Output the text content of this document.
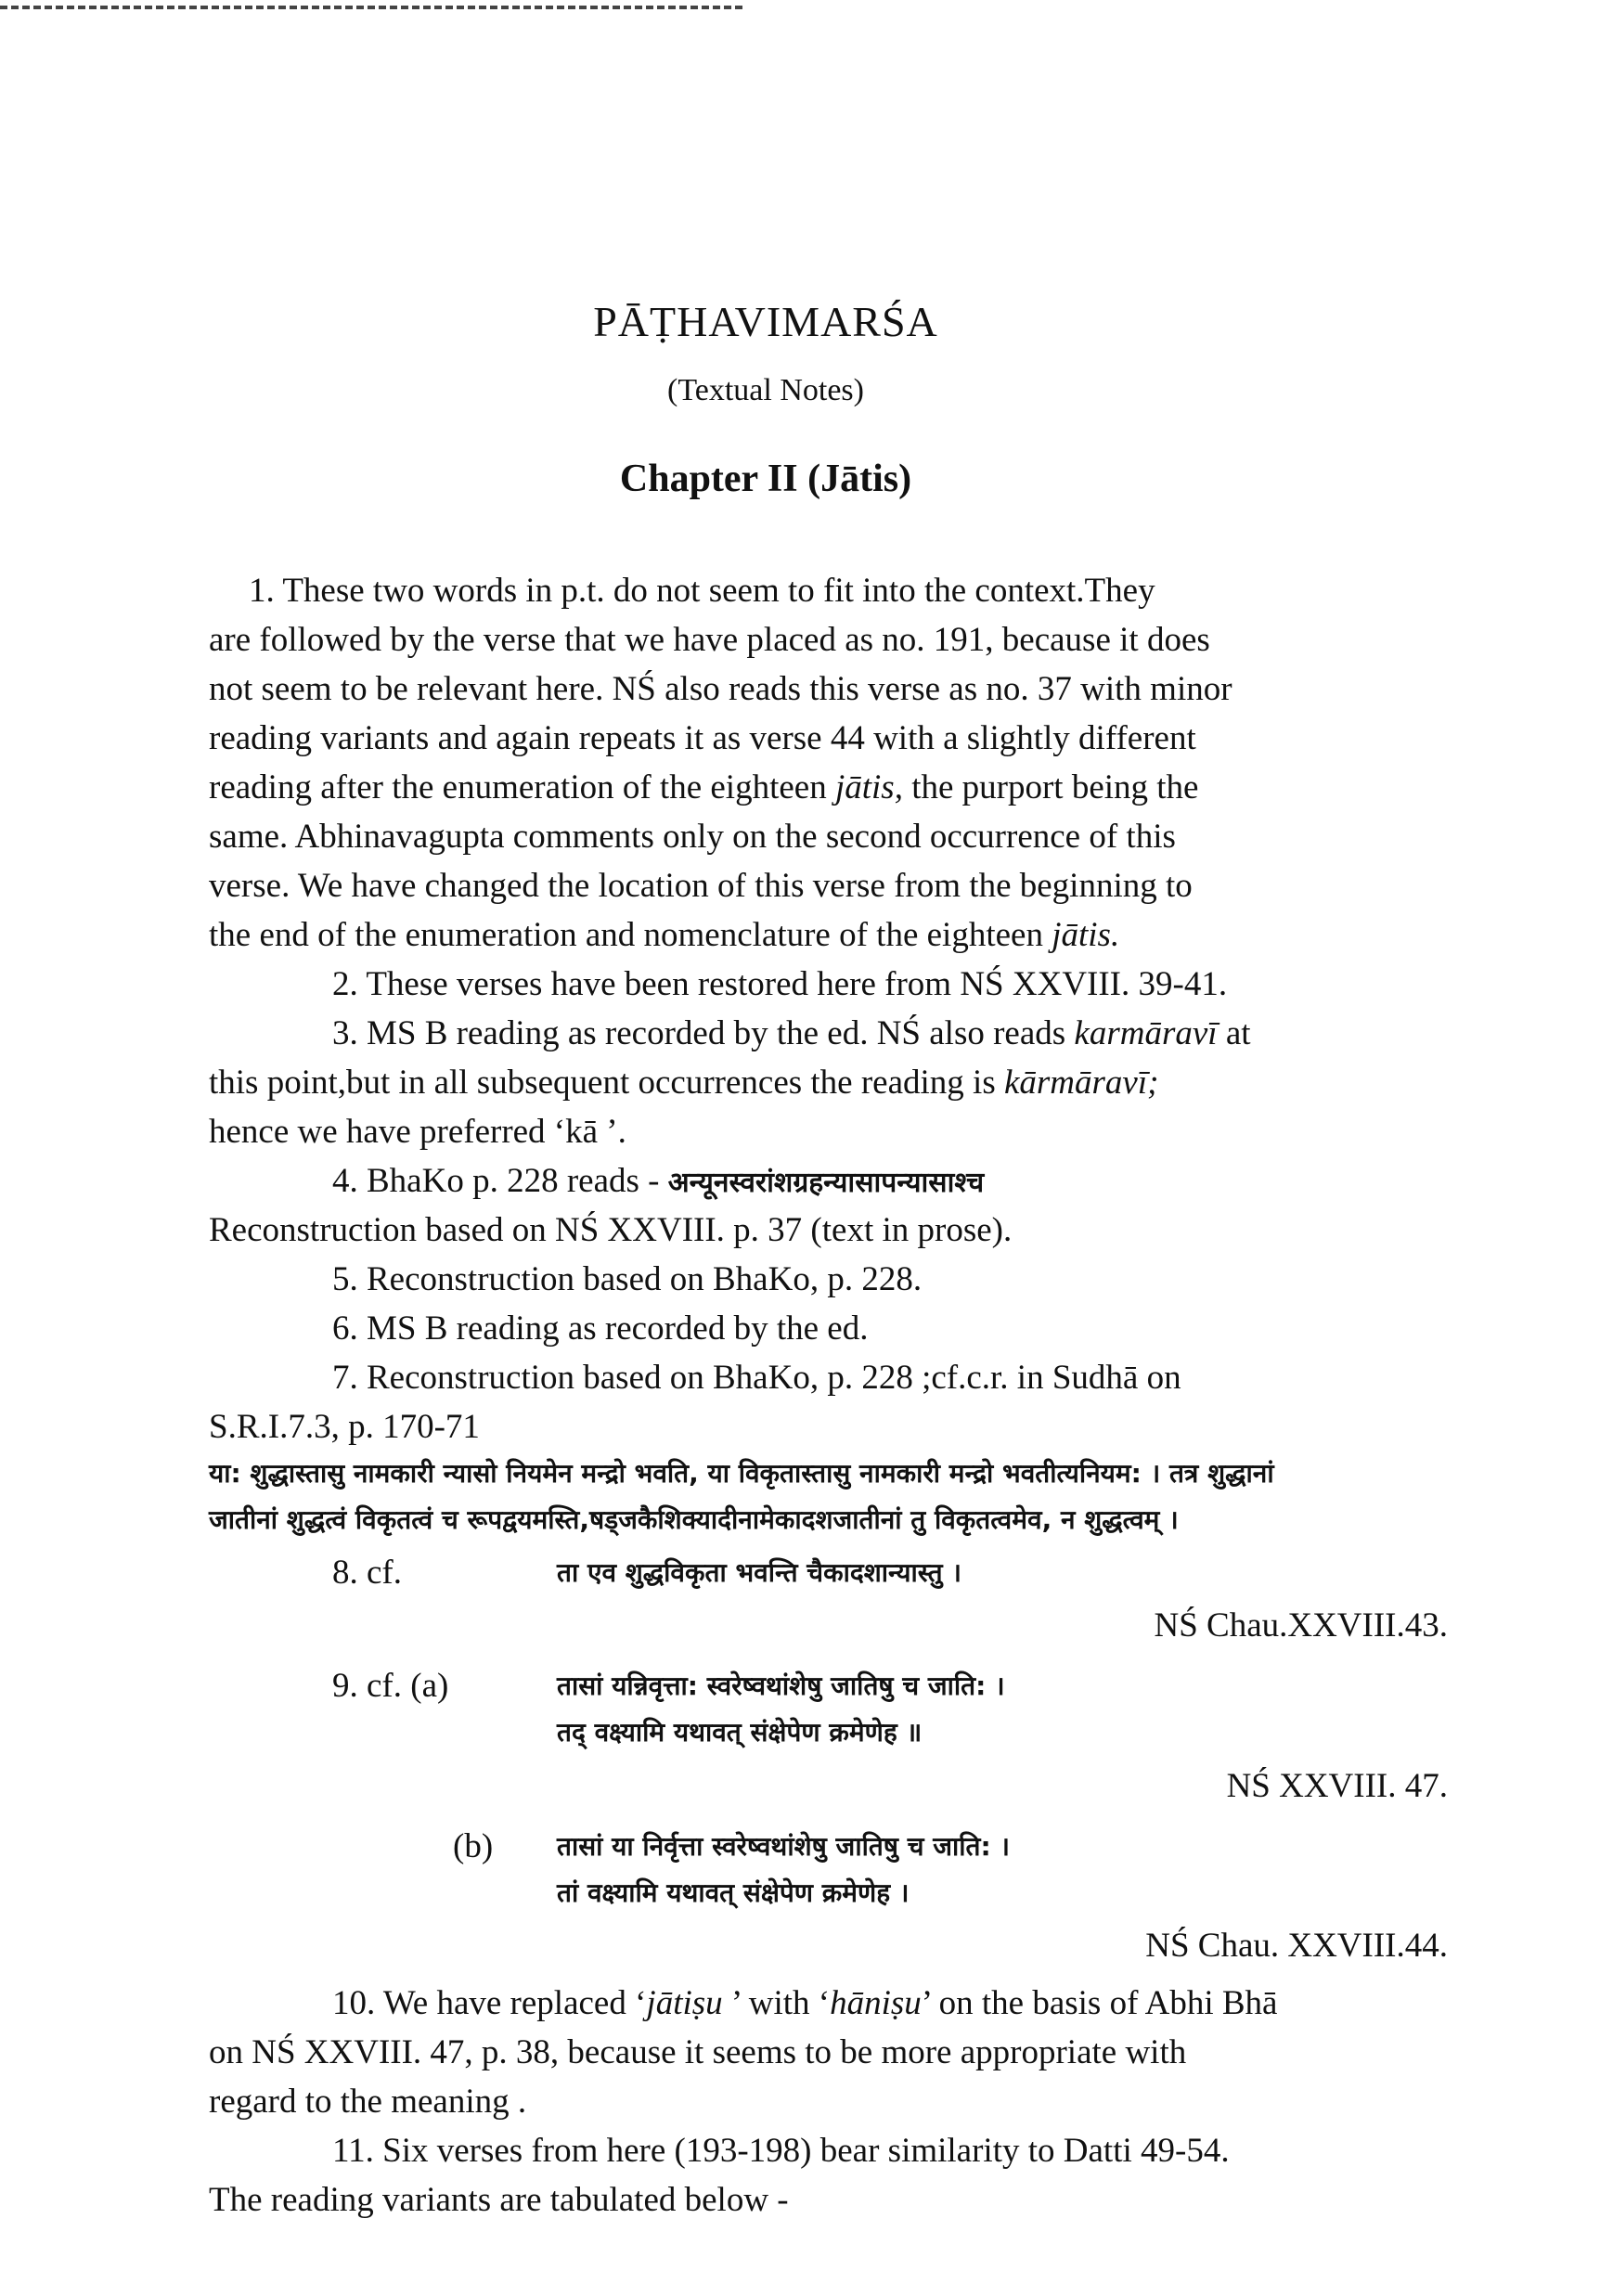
PĀṬHAVIMARŚA
(Textual Notes)
Chapter II (Jātis)
1. These two words in p.t. do not seem to fit into the context.They
are followed by the verse that we have placed as no. 191, because it does
not seem to be relevant here. NŚ also reads this verse as no. 37 with minor
reading variants and again repeats it as verse 44 with a slightly different
reading after the enumeration of the eighteen jātis, the purport being the
same. Abhinavagupta comments only on the second occurrence of this
verse. We have changed the location of this verse from the beginning to
the end of the enumeration and nomenclature of the eighteen jātis.
2. These verses have been restored here from NŚ XXVIII. 39-41.
3. MS B reading as recorded by the ed. NŚ also reads karmāravī at
this point,but in all subsequent occurrences the reading is kārmāravī;
hence we have preferred ‘kā ’.
4. BhaKo p. 228 reads - अन्यूनस्वरांशग्रहन्यासापन्यासाश्च
Reconstruction based on NŚ XXVIII. p. 37 (text in prose).
5. Reconstruction based on BhaKo, p. 228.
6. MS B reading as recorded by the ed.
7. Reconstruction based on BhaKo, p. 228 ;cf.c.r. in Sudhā on
S.R.I.7.3, p. 170-71
या: शुद्धास्तासु नामकारी न्यासो नियमेन मन्द्रो भवति, या विकृतास्तासु नामकारी मन्द्रो भवतीत्यनियम: । तत्र शुद्धानां
जातीनां शुद्धत्वं विकृतत्वं च रूपद्वयमस्ति,षड्जकैशिक्यादीनामेकादशजातीनां तु विकृतत्वमेव, न शुद्धत्वम् ।
8. cf.	ता एव शुद्धविकृता भवन्ति चैकादशान्यास्तु ।
NŚ Chau.XXVIII.43.
9. cf. (a)	तासां यन्निवृत्ता: स्वरेष्वथांशेषु जातिषु च जाति: ।
तद् वक्ष्यामि यथावत् संक्षेपेण क्रमेणेह ॥
NŚ XXVIII. 47.
(b) तासां या निर्वृत्ता स्वरेष्वथांशेषु जातिषु च जाति: ।
तां वक्ष्यामि यथावत् संक्षेपेण क्रमेणेह ।
NŚ Chau. XXVIII.44.
10. We have replaced ‘jātiṣu ’ with ‘hāniṣu’ on the basis of Abhi Bhā
on NŚ XXVIII. 47, p. 38, because it seems to be more appropriate with
regard to the meaning .
11. Six verses from here (193-198) bear similarity to Datti 49-54.
The reading variants are tabulated below -
